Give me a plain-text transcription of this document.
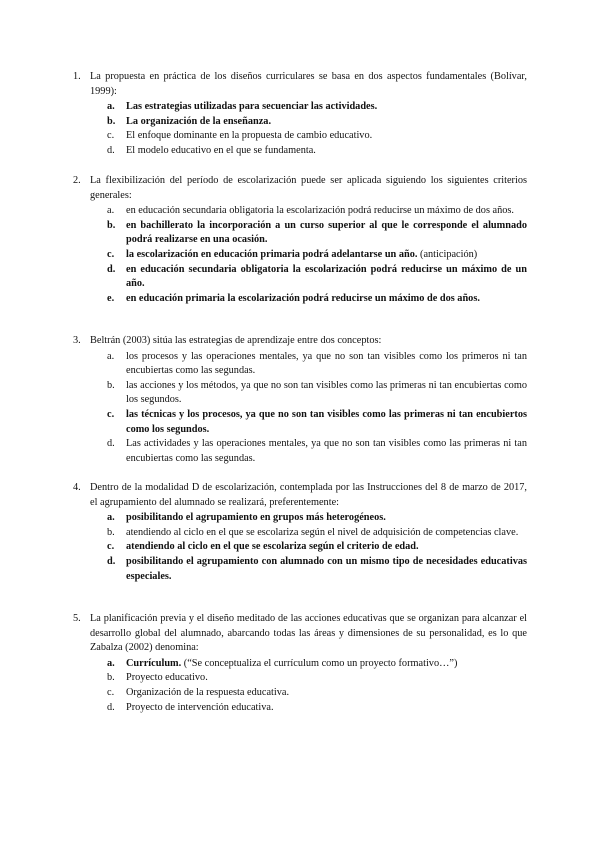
1. La propuesta en práctica de los diseños curriculares se basa en dos aspectos fundamentales (Bolívar, 1999):
a.	Las estrategias utilizadas para secuenciar las actividades.
b.	La organización de la enseñanza.
c.	El enfoque dominante en la propuesta de cambio educativo.
d.	El modelo educativo en el que se fundamenta.
2. La flexibilización del período de escolarización puede ser aplicada siguiendo los siguientes criterios generales:
a.	en educación secundaria obligatoria la escolarización podrá reducirse un máximo de dos años.
b.	en bachillerato la incorporación a un curso superior al que le corresponde el alumnado podrá realizarse en una ocasión.
c.	la escolarización en educación primaria podrá adelantarse un año. (anticipación)
d.	en educación secundaria obligatoria la escolarización podrá reducirse un máximo de un año.
e.	en educación primaria la escolarización podrá reducirse un máximo de dos años.
3. Beltrán (2003) sitúa las estrategias de aprendizaje entre dos conceptos:
a.	los procesos y las operaciones mentales, ya que no son tan visibles como los primeros ni tan encubiertas como las segundas.
b.	las acciones y los métodos, ya que no son tan visibles como las primeras ni tan encubiertas como los segundos.
c.	las técnicas y los procesos, ya que no son tan visibles como las primeras ni tan encubiertos como los segundos.
d.	Las actividades y las operaciones mentales, ya que no son tan visibles como las primeras ni tan encubiertas como las segundas.
4. Dentro de la modalidad D de escolarización, contemplada por las Instrucciones del 8 de marzo de 2017, el agrupamiento del alumnado se realizará, preferentemente:
a.	posibilitando el agrupamiento en grupos más heterogéneos.
b.	atendiendo al ciclo en el que se escolariza según el nivel de adquisición de competencias clave.
c.	atendiendo al ciclo en el que se escolariza según el criterio de edad.
d.	posibilitando el agrupamiento con alumnado con un mismo tipo de necesidades educativas especiales.
5. La planificación previa y el diseño meditado de las acciones educativas que se organizan para alcanzar el desarrollo global del alumnado, abarcando todas las áreas y dimensiones de su personalidad, es lo que Zabalza (2002) denomina:
a.	Currículum. (“Se conceptualiza el currículum como un proyecto formativo…”)
b.	Proyecto educativo.
c.	Organización de la respuesta educativa.
d.	Proyecto de intervención educativa.
